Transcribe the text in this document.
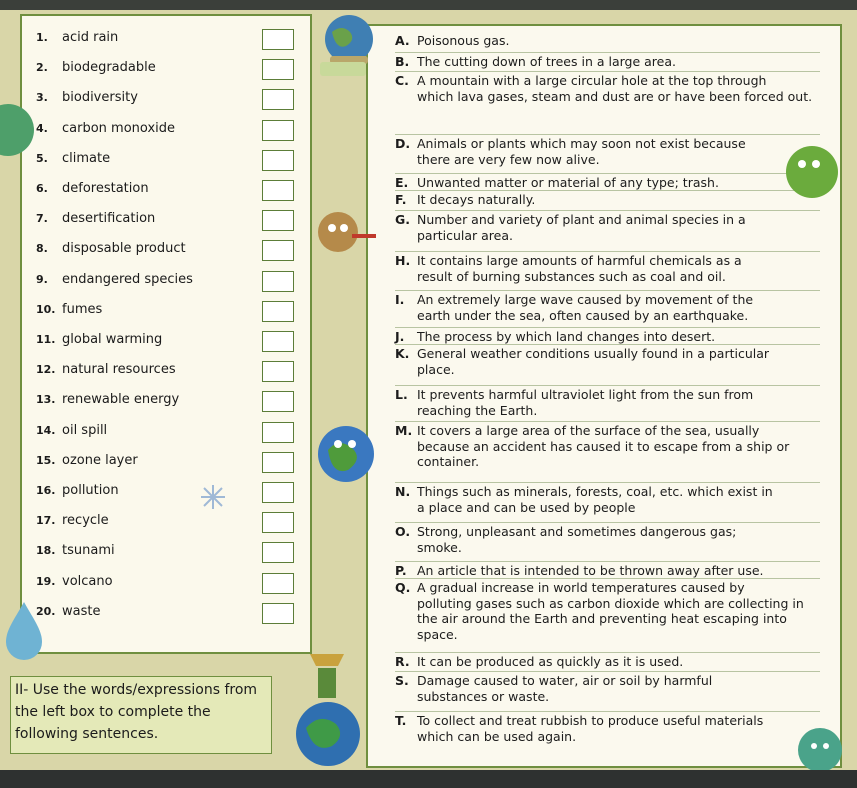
1. acid rain
2. biodegradable
3. biodiversity
4. carbon monoxide
5. climate
6. deforestation
7. desertification
8. disposable product
9. endangered species
10. fumes
11. global warming
12. natural resources
13. renewable energy
14. oil spill
15. ozone layer
16. pollution
17. recycle
18. tsunami
19. volcano
20. waste
A. Poisonous gas.
B. The cutting down of trees in a large area.
C. A mountain with a large circular hole at the top through
which lava gases, steam and dust are or have been forced out.
D. Animals or plants which may soon not exist because
there are very few now alive.
E. Unwanted matter or material of any type; trash.
F. It decays naturally.
G. Number and variety of plant and animal species in a
particular area.
H. It contains large amounts of harmful chemicals as a
result of burning substances such as coal and oil.
I. An extremely large wave caused by movement of the
earth under the sea, often caused by an earthquake.
J. The process by which land changes into desert.
K. General weather conditions usually found in a particular
place.
L. It prevents harmful ultraviolet light from the sun from
reaching the Earth.
M. It covers a large area of the surface of the sea, usually
because an accident has caused it to escape from a ship or container.
N. Things such as minerals, forests, coal, etc. which exist in
a place and can be used by people
O. Strong, unpleasant and sometimes dangerous gas;
smoke.
P. An article that is intended to be thrown away after use.
Q. A gradual increase in world temperatures caused by
polluting gases such as carbon dioxide which are collecting in the air around the Earth and preventing heat escaping into space.
R. It can be produced as quickly as it is used.
S. Damage caused to water, air or soil by harmful
substances or waste.
T. To collect and treat rubbish to produce useful materials
which can be used again.
II- Use the words/expressions from the left box to complete the following sentences.
